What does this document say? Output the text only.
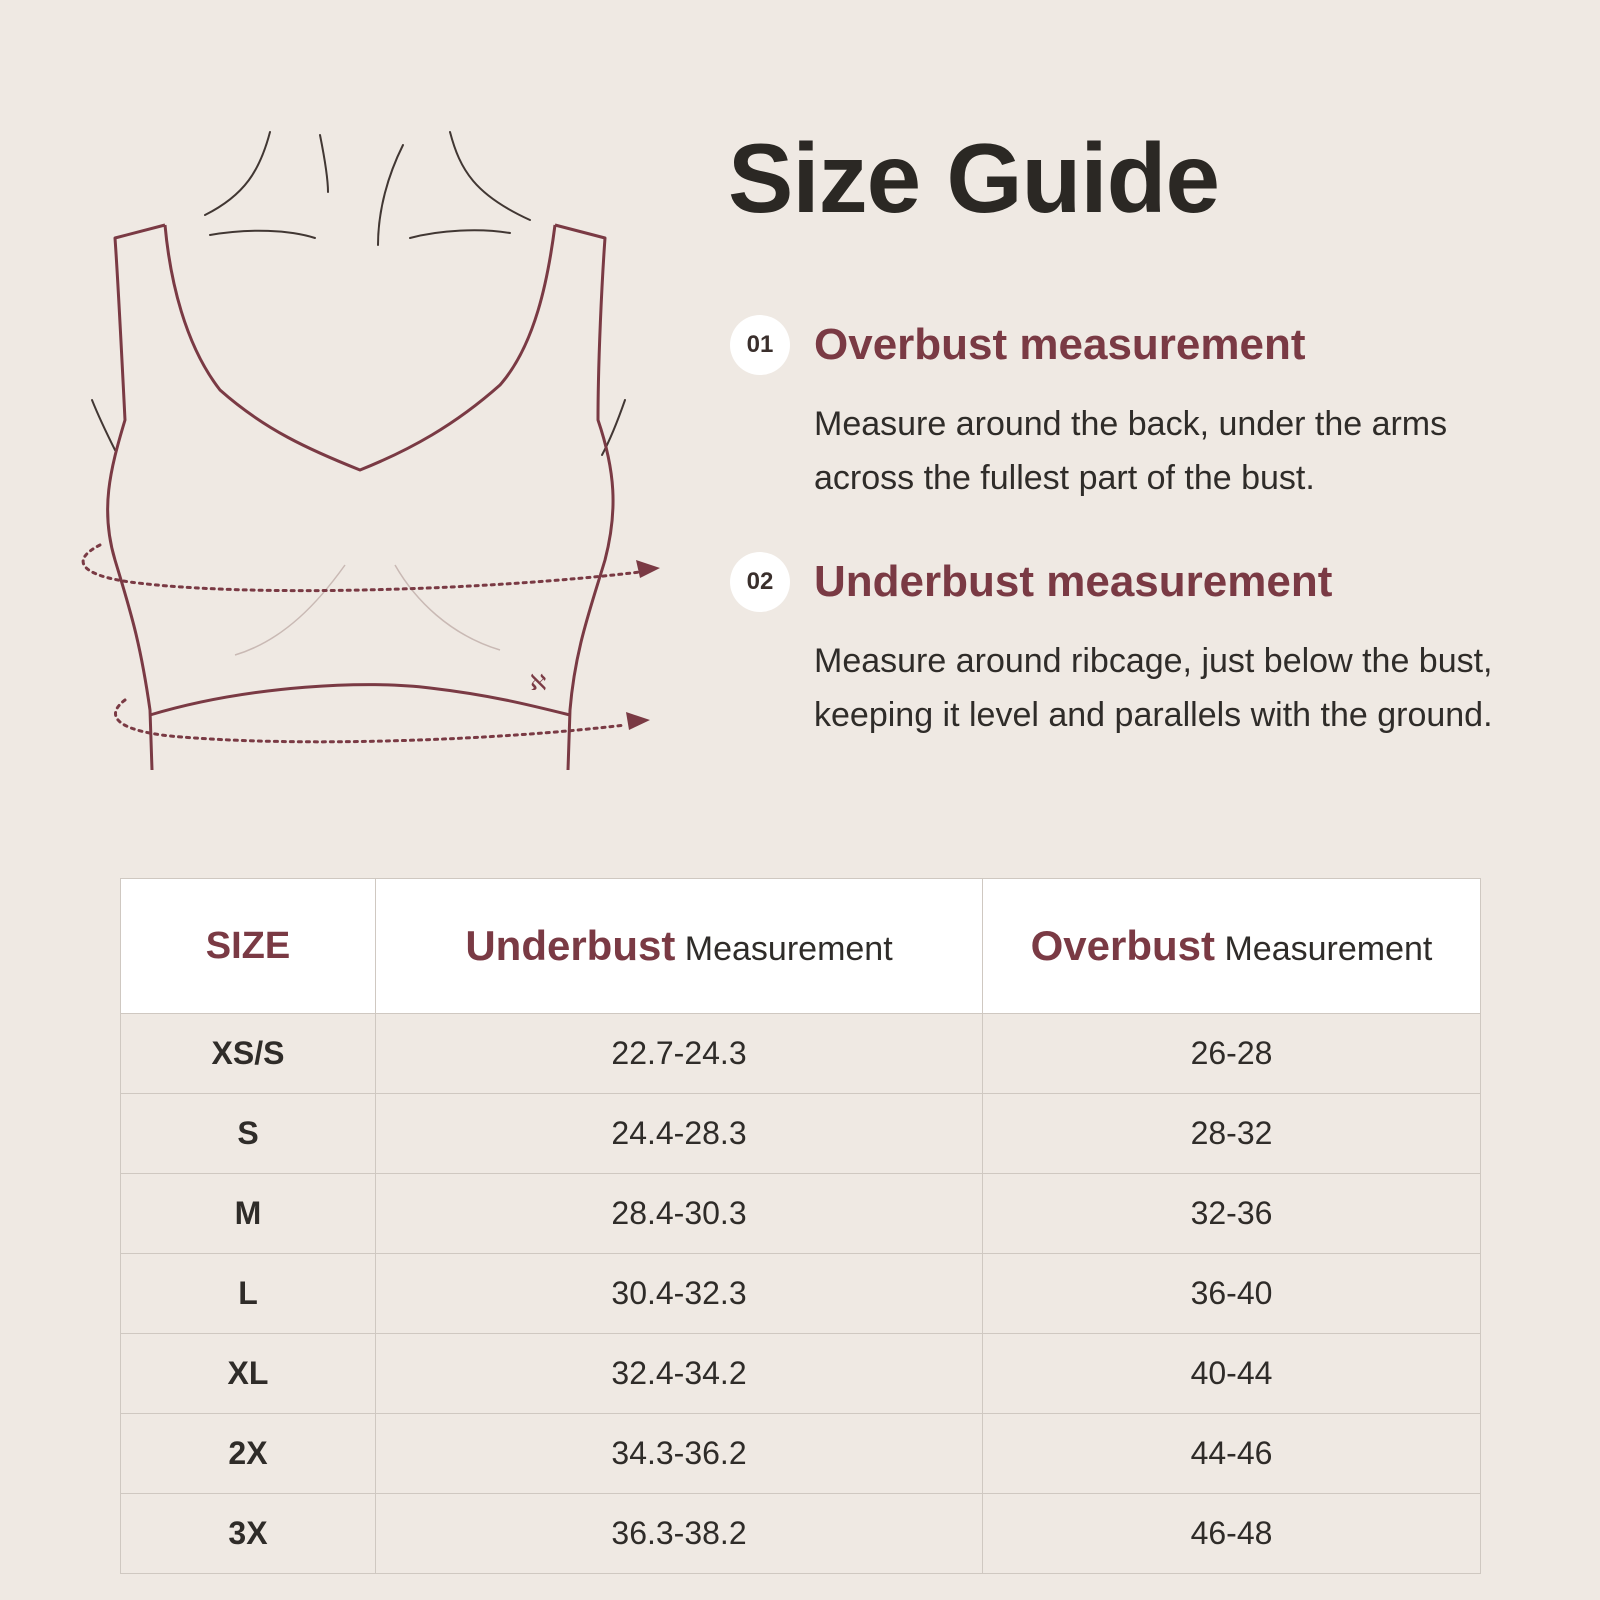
ℵ
Size Guide
01 Overbust measurement

Measure around the back, under the arms across the fullest part of the bust.

02 Underbust measurement

Measure around ribcage, just below the bust, keeping it level and parallels with the ground.

SIZE	Underbust Measurement	Overbust Measurement
XS/S	22.7-24.3	26-28
S	24.4-28.3	28-32
M	28.4-30.3	32-36
L	30.4-32.3	36-40
XL	32.4-34.2	40-44
2X	34.3-36.2	44-46
3X	36.3-38.2	46-48
